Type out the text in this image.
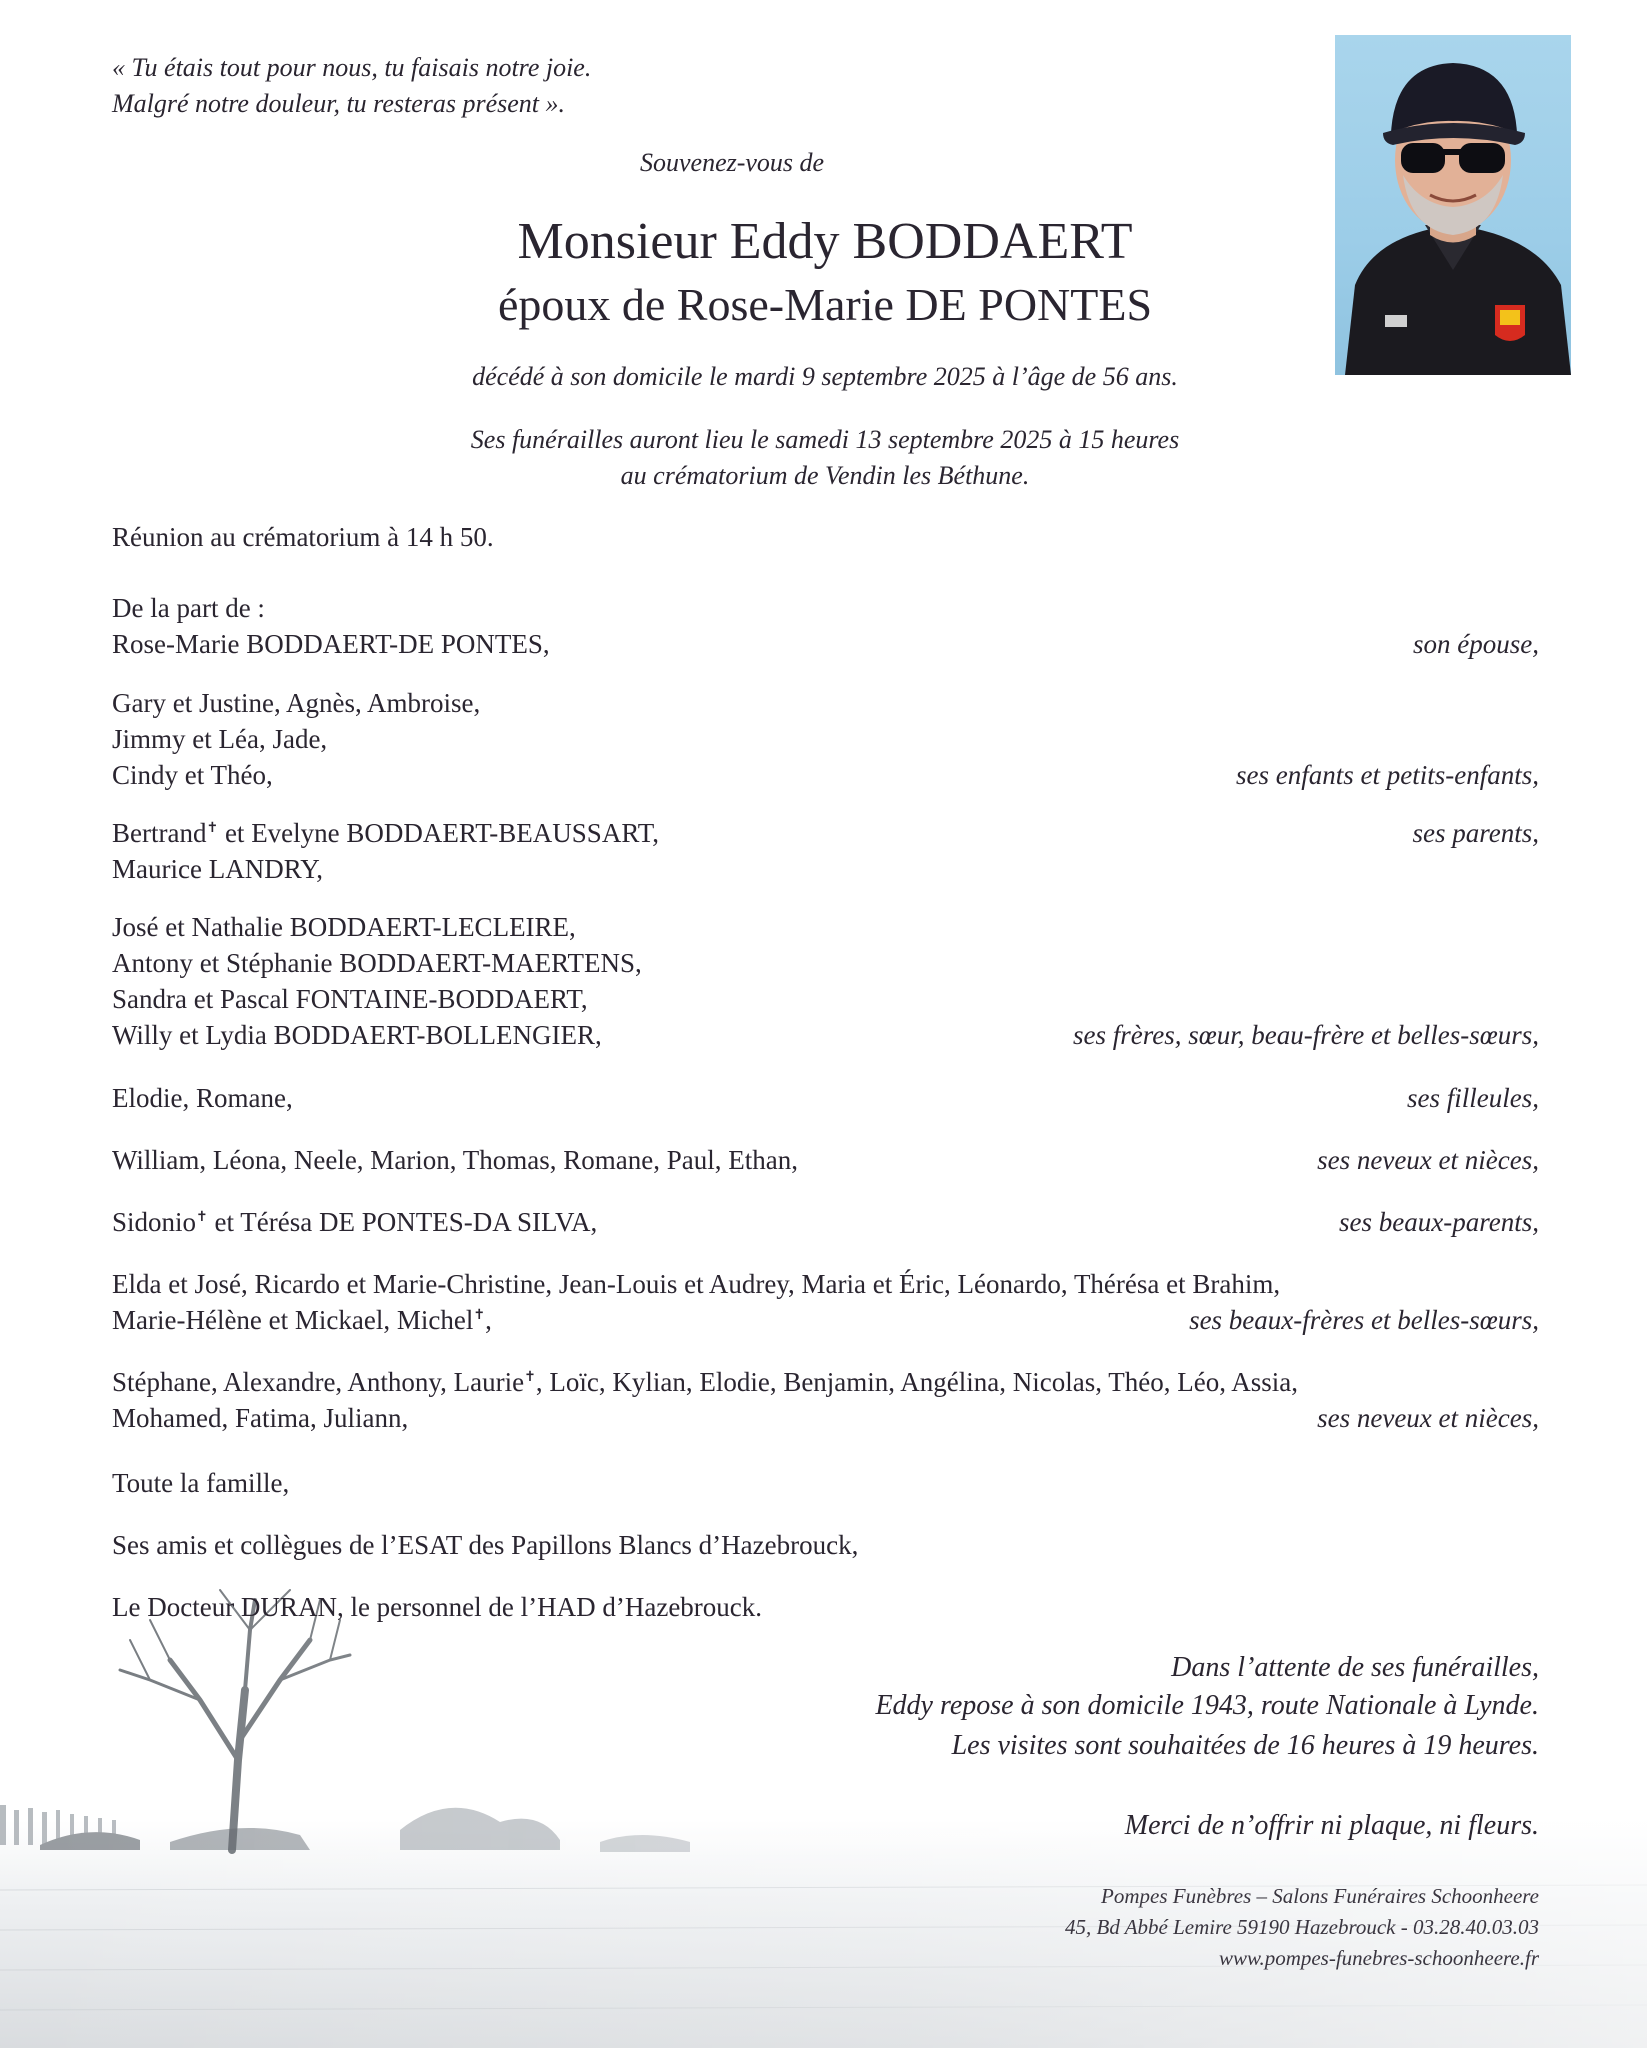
« Tu étais tout pour nous, tu faisais notre joie.
Malgré notre douleur, tu resteras présent ».
Souvenez-vous de
Monsieur Eddy BODDAERT
époux de Rose-Marie DE PONTES
décédé à son domicile le mardi 9 septembre 2025 à l’âge de 56 ans.
Ses funérailles auront lieu le samedi 13 septembre 2025 à 15 heures
au crématorium de Vendin les Béthune.
Réunion au crématorium à 14 h 50.
De la part de :
Rose-Marie BODDAERT-DE PONTES,	son épouse,
Gary et Justine, Agnès, Ambroise,
Jimmy et Léa, Jade,
Cindy et Théo,	ses enfants et petits-enfants,
Bertrand✝ et Evelyne BODDAERT-BEAUSSART,	ses parents,
Maurice LANDRY,
José et Nathalie BODDAERT-LECLEIRE,
Antony et Stéphanie BODDAERT-MAERTENS,
Sandra et Pascal FONTAINE-BODDAERT,
Willy et Lydia BODDAERT-BOLLENGIER,	ses frères, sœur, beau-frère et belles-sœurs,
Elodie, Romane,	ses filleules,
William, Léona, Neele, Marion, Thomas, Romane, Paul, Ethan,	ses neveux et nièces,
Sidonio✝ et Térésa DE PONTES-DA SILVA,	ses beaux-parents,
Elda et José, Ricardo et Marie-Christine, Jean-Louis et Audrey, Maria et Éric, Léonardo, Thérésa et Brahim,
Marie-Hélène et Mickael, Michel✝,	ses beaux-frères et belles-sœurs,
Stéphane, Alexandre, Anthony, Laurie✝, Loïc, Kylian, Elodie, Benjamin, Angélina, Nicolas, Théo, Léo, Assia,
Mohamed, Fatima, Juliann,	ses neveux et nièces,
Toute la famille,
Ses amis et collègues de l’ESAT des Papillons Blancs d’Hazebrouck,
Le Docteur DURAN, le personnel de l’HAD d’Hazebrouck.
Dans l’attente de ses funérailles,
Eddy repose à son domicile 1943, route Nationale à Lynde.
Les visites sont souhaitées de 16 heures à 19 heures.
Merci de n’offrir ni plaque, ni fleurs.
Pompes Funèbres – Salons Funéraires Schoonheere
45, Bd Abbé Lemire 59190 Hazebrouck - 03.28.40.03.03
www.pompes-funebres-schoonheere.fr
